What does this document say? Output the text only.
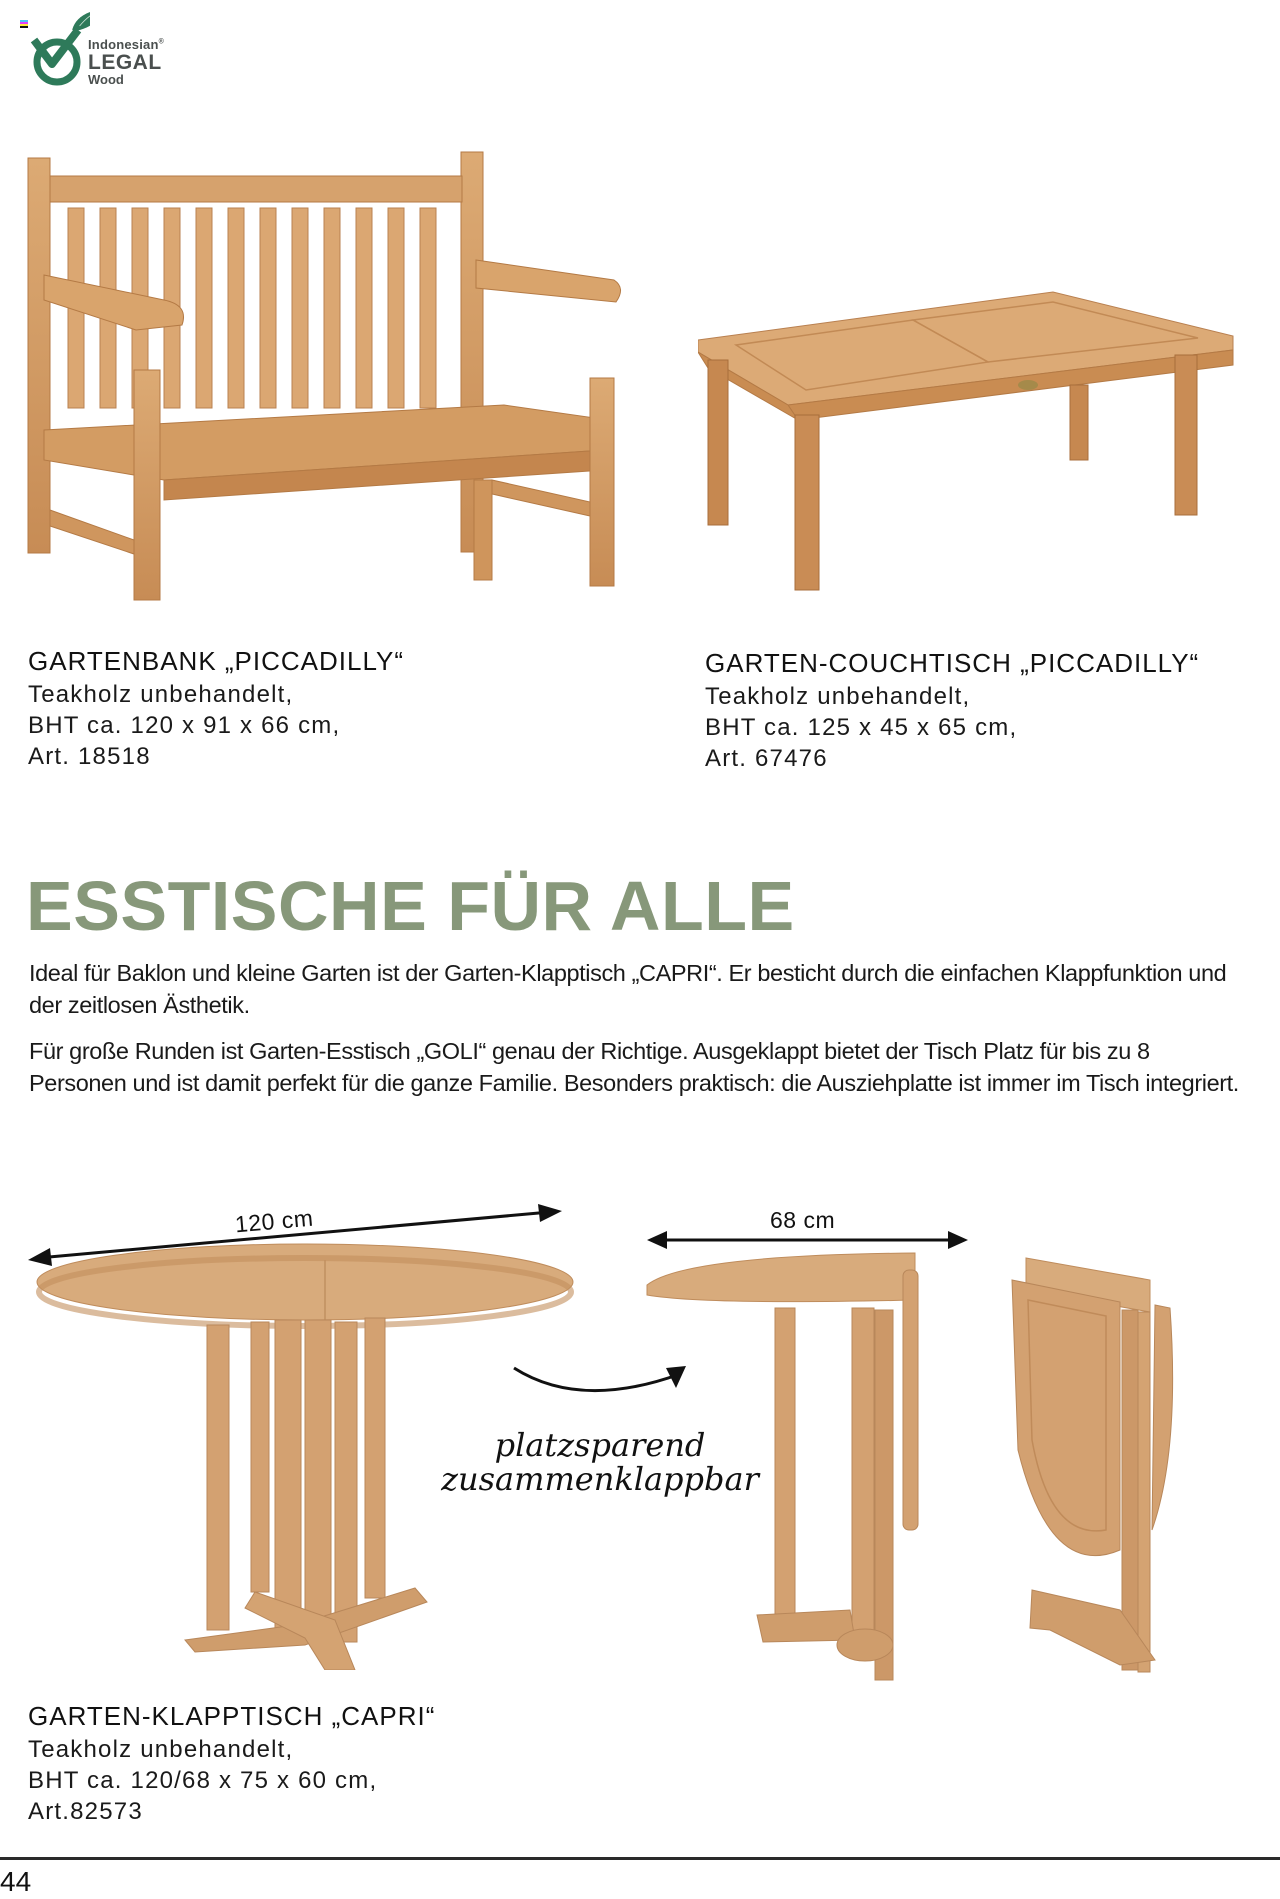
Indonesian®
LEGAL
Wood
GARTENBANK „PICCADILLY“
Teakholz unbehandelt,
BHT ca. 120 x 91 x 66 cm,
Art. 18518
GARTEN-COUCHTISCH „PICCADILLY“
Teakholz unbehandelt,
BHT ca. 125 x 45 x 65 cm,
Art. 67476
ESSTISCHE FÜR ALLE
Ideal für Baklon und kleine Garten ist der Garten-Klapptisch „CAPRI“. Er besticht durch die einfachen Klappfunktion und der zeitlosen Ästhetik.
Für große Runden ist Garten-Esstisch „GOLI“ genau der Richtige. Ausgeklappt bietet der Tisch Platz für bis zu 8 Personen und ist damit perfekt für die ganze Familie. Besonders praktisch: die Ausziehplatte ist immer im Tisch integriert.
120 cm	68 cm
platzsparend
zusammenklappbar
GARTEN-KLAPPTISCH „CAPRI“
Teakholz unbehandelt,
BHT ca. 120/68 x 75 x 60 cm,
Art.82573
44
